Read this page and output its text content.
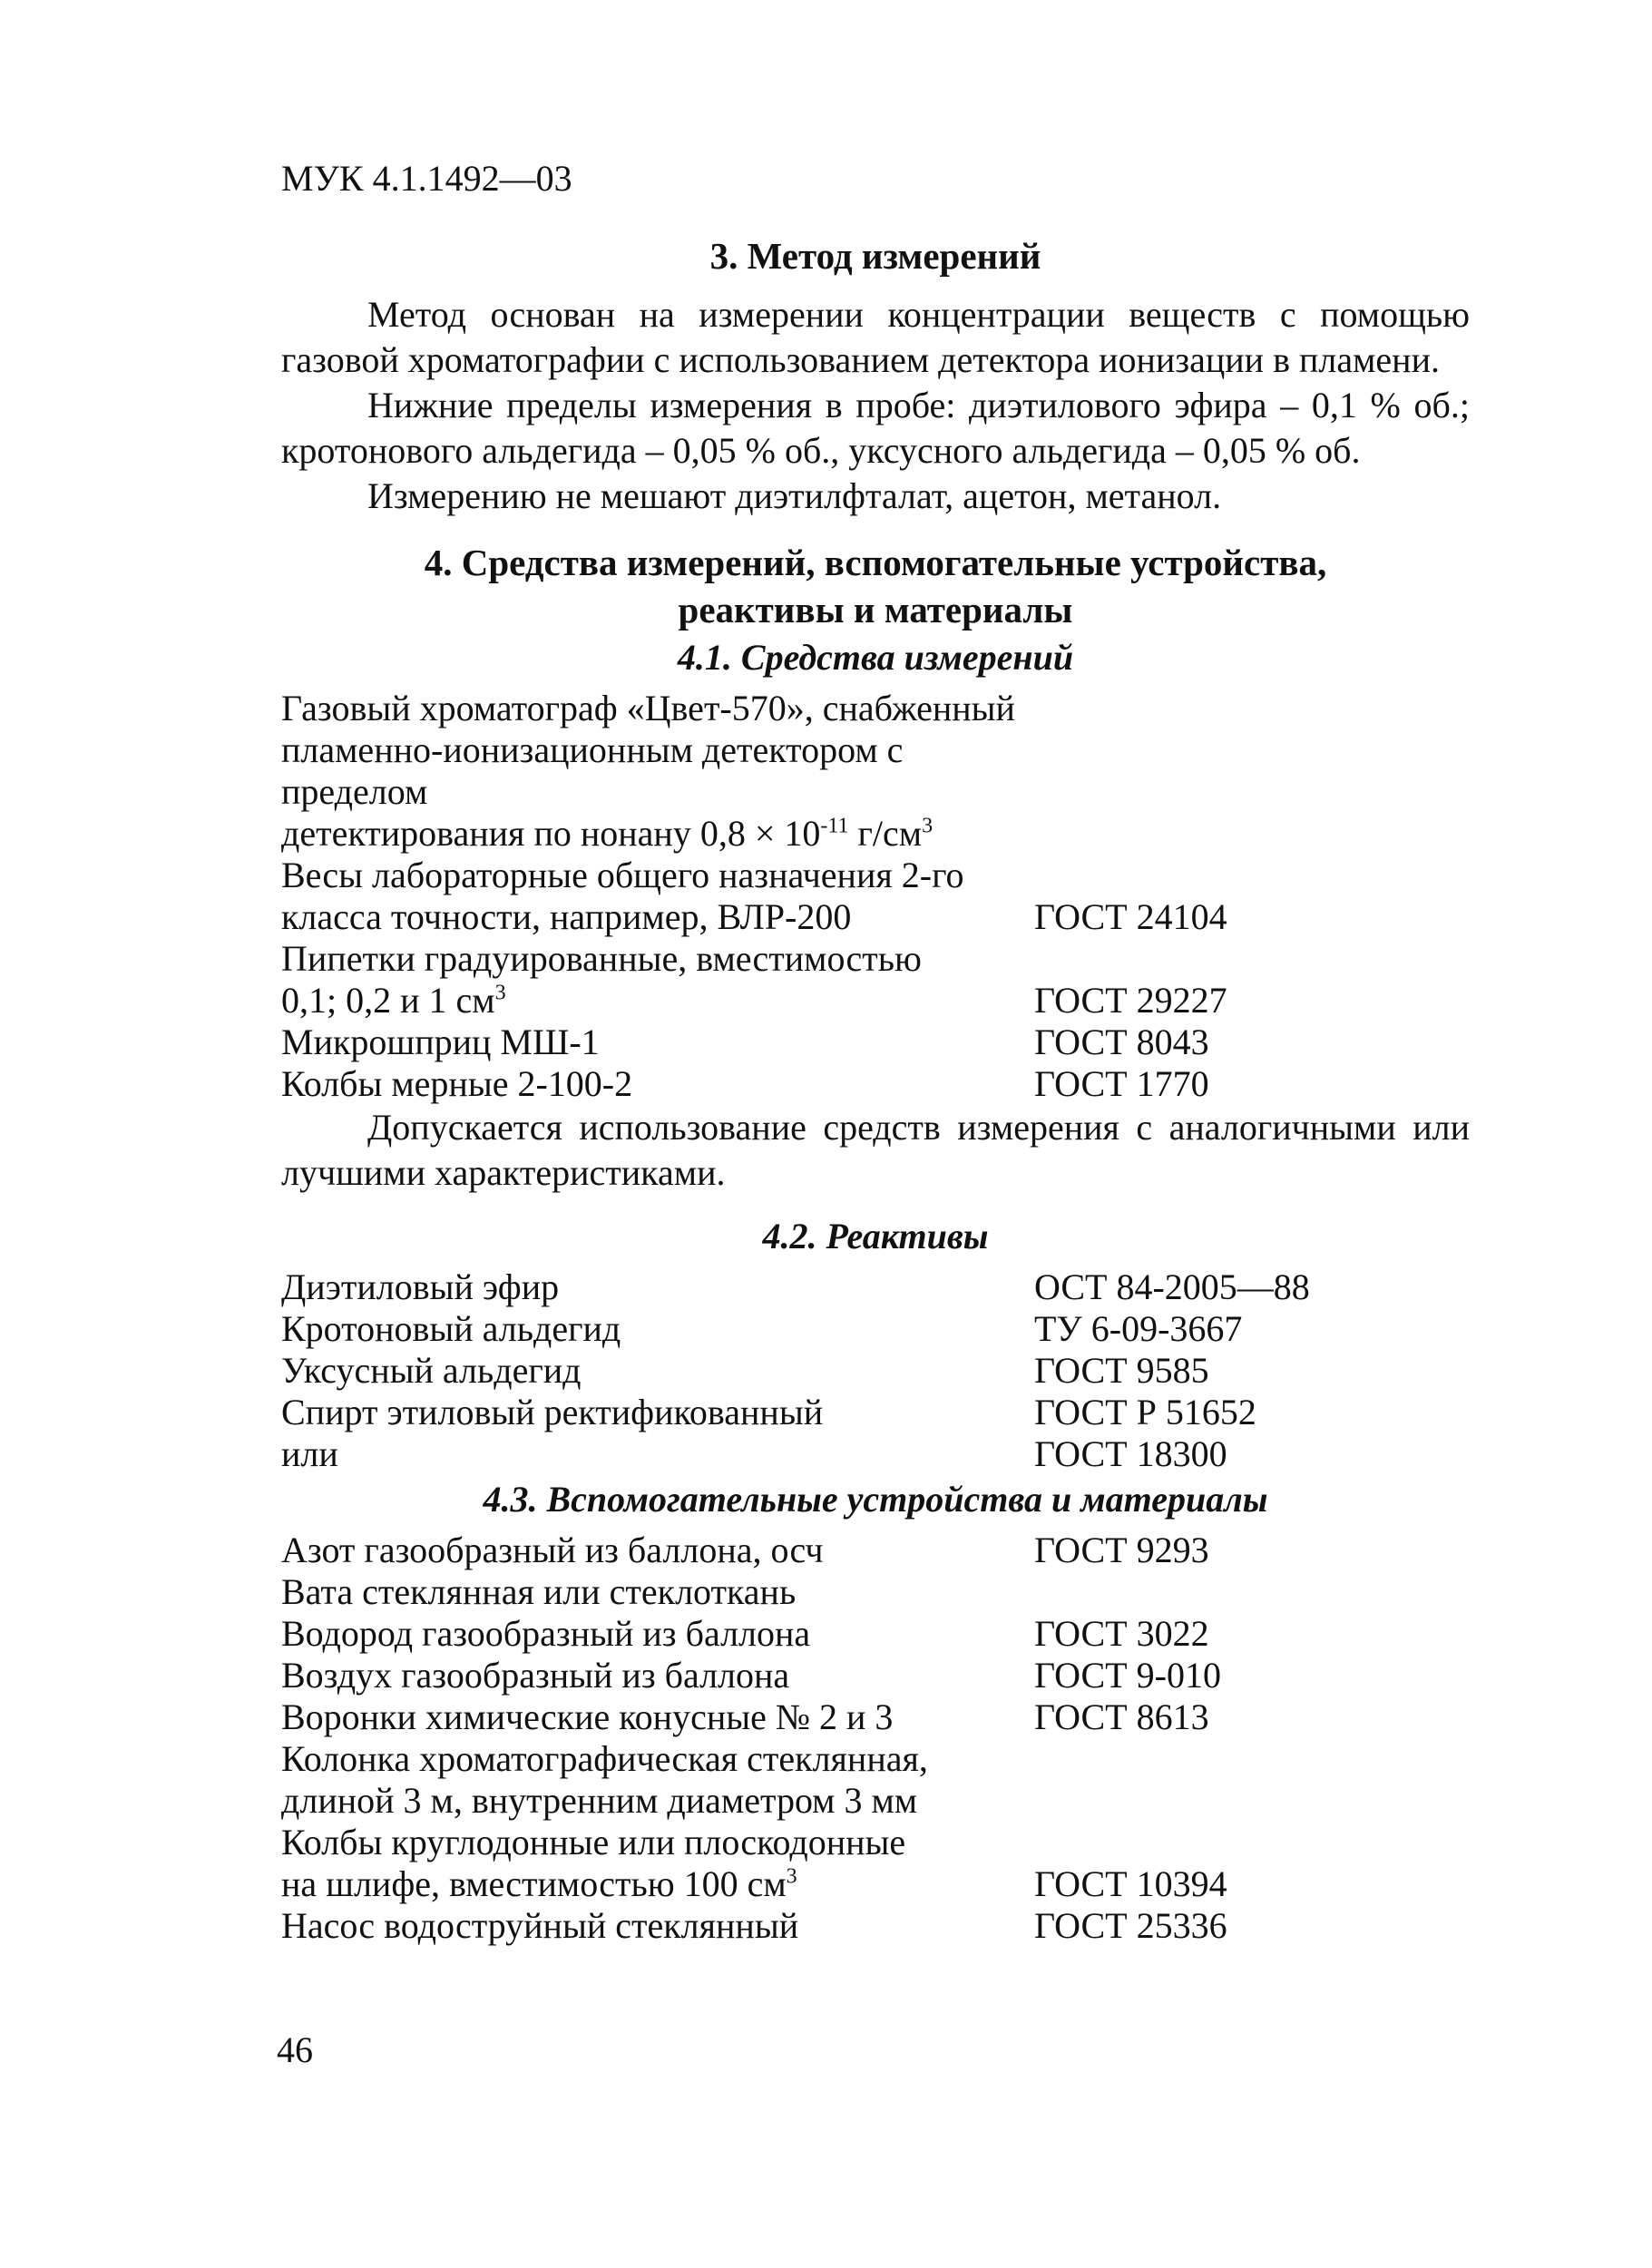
МУК 4.1.1492—03
3. Метод измерений

Метод основан на измерении концентрации веществ с помощью газовой хроматографии с использованием детектора ионизации в пламени.

Нижние пределы измерения в пробе: диэтилового эфира – 0,1 % об.; кротонового альдегида – 0,05 % об., уксусного альдегида – 0,05 % об.

Измерению не мешают диэтилфталат, ацетон, метанол.

4. Средства измерений, вспомогательные устройства,
реактивы и материалы
4.1. Средства измерений
Газовый хроматограф «Цвет-570», снабженный
пламенно-ионизационным детектором с пределом
детектирования по нонану $0,8 \times 10^{-11}$ $г/см^3$
Весы лабораторные общего назначения 2-го
класса точности, например, ВЛР-200	ГОСТ 24104
Пипетки градуированные, вместимостью
0,1; 0,2 и 1 $см^3$	ГОСТ 29227
Микрошприц МШ-1	ГОСТ 8043
Колбы мерные 2-100-2	ГОСТ 1770

Допускается использование средств измерения с аналогичными или лучшими характеристиками.

4.2. Реактивы
Диэтиловый эфир	ОСТ 84-2005—88
Кротоновый альдегид	ТУ 6-09-3667
Уксусный альдегид	ГОСТ 9585
Спирт этиловый ректификованный	ГОСТ Р 51652
или	ГОСТ 18300
4.3. Вспомогательные устройства и материалы
Азот газообразный из баллона, осч	ГОСТ 9293
Вата стеклянная или стеклоткань
Водород газообразный из баллона	ГОСТ 3022
Воздух газообразный из баллона	ГОСТ 9-010
Воронки химические конусные № 2 и 3	ГОСТ 8613
Колонка хроматографическая стеклянная,
длиной 3 м, внутренним диаметром 3 мм
Колбы круглодонные или плоскодонные
на шлифе, вместимостью 100 $см^3$	ГОСТ 10394
Насос водоструйный стеклянный	ГОСТ 25336
46
